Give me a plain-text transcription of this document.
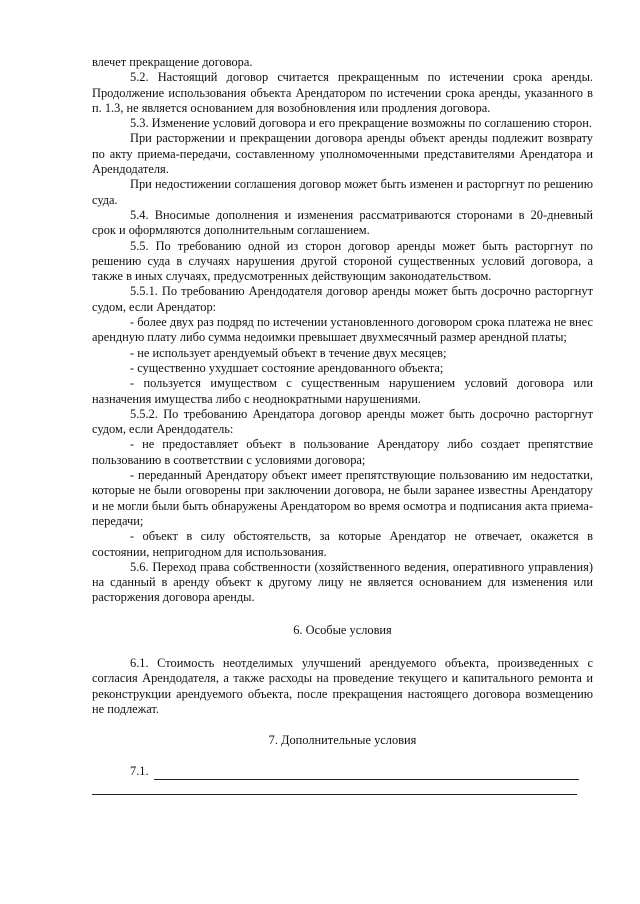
влечет прекращение договора.

5.2. Настоящий договор считается прекращенным по истечении срока аренды. Продолжение использования объекта Арендатором по истечении срока аренды, указанного в п. 1.3, не является основанием для возобновления или продления договора.

5.3. Изменение условий договора и его прекращение возможны по соглашению сторон.

При расторжении и прекращении договора аренды объект аренды подлежит возврату по акту приема-передачи, составленному уполномоченными представителями Арендатора и Арендодателя.

При недостижении соглашения договор может быть изменен и расторгнут по решению суда.

5.4. Вносимые дополнения и изменения рассматриваются сторонами в 20-дневный срок и оформляются дополнительным соглашением.

5.5. По требованию одной из сторон договор аренды может быть расторгнут по решению суда в случаях нарушения другой стороной существенных условий договора, а также в иных случаях, предусмотренных действующим законодательством.

5.5.1. По требованию Арендодателя договор аренды может быть досрочно расторгнут судом, если Арендатор:

- более двух раз подряд по истечении установленного договором срока платежа не внес арендную плату либо сумма недоимки превышает двухмесячный размер арендной платы;

- не использует арендуемый объект в течение двух месяцев;

- существенно ухудшает состояние арендованного объекта;

- пользуется имуществом с существенным нарушением условий договора или назначения имущества либо с неоднократными нарушениями.

5.5.2. По требованию Арендатора договор аренды может быть досрочно расторгнут судом, если Арендодатель:

- не предоставляет объект в пользование Арендатору либо создает препятствие пользованию в соответствии с условиями договора;

- переданный Арендатору объект имеет препятствующие пользованию им недостатки, которые не были оговорены при заключении договора, не были заранее известны Арендатору и не могли были быть обнаружены Арендатором во время осмотра и подписания акта приема-передачи;

- объект в силу обстоятельств, за которые Арендатор не отвечает, окажется в состоянии, непригодном для использования.

5.6. Переход права собственности (хозяйственного ведения, оперативного управления) на сданный в аренду объект к другому лицу не является основанием для изменения или расторжения договора аренды.

6. Особые условия

6.1. Стоимость неотделимых улучшений арендуемого объекта, произведенных с согласия Арендодателя, а также расходы на проведение текущего и капитального ремонта и реконструкции арендуемого объекта, после прекращения настоящего договора возмещению не подлежат.

7. Дополнительные условия
7.1.
